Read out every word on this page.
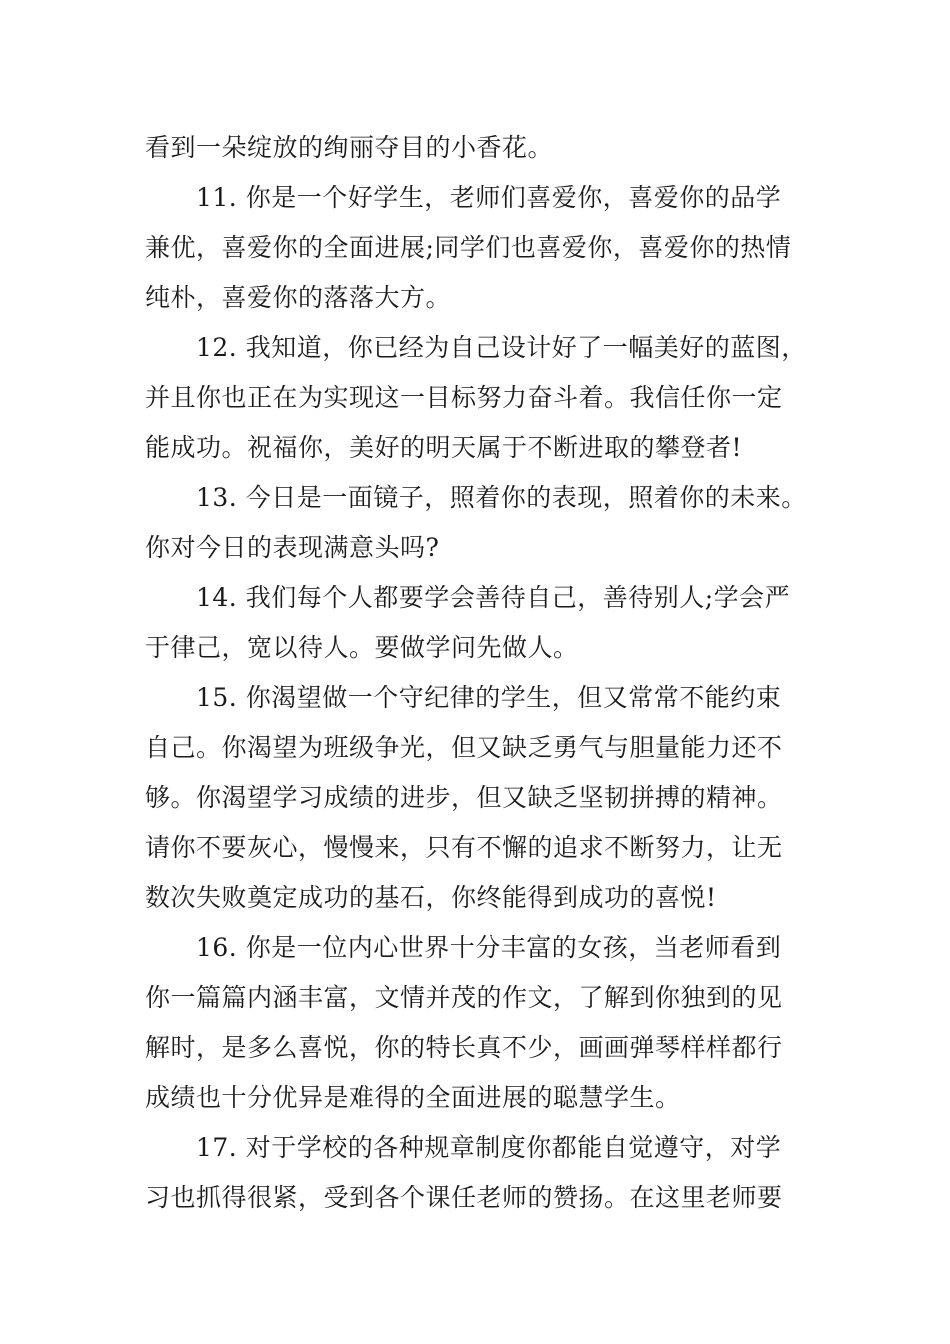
看到一朵绽放的绚丽夺目的小香花。
11. 你是一个好学生，老师们喜爱你，喜爱你的品学
兼优，喜爱你的全面进展;同学们也喜爱你，喜爱你的热情
纯朴，喜爱你的落落大方。
12. 我知道，你已经为自己设计好了一幅美好的蓝图，
并且你也正在为实现这一目标努力奋斗着。我信任你一定
能成功。祝福你，美好的明天属于不断进取的攀登者!
13. 今日是一面镜子，照着你的表现，照着你的未来。
你对今日的表现满意头吗?
14. 我们每个人都要学会善待自己，善待别人;学会严
于律己，宽以待人。要做学问先做人。
15. 你渴望做一个守纪律的学生，但又常常不能约束
自己。你渴望为班级争光，但又缺乏勇气与胆量能力还不
够。你渴望学习成绩的进步，但又缺乏坚韧拼搏的精神。
请你不要灰心，慢慢来，只有不懈的追求不断努力，让无
数次失败奠定成功的基石，你终能得到成功的喜悦!
16. 你是一位内心世界十分丰富的女孩，当老师看到
你一篇篇内涵丰富，文情并茂的作文，了解到你独到的见
解时，是多么喜悦，你的特长真不少，画画弹琴样样都行
成绩也十分优异是难得的全面进展的聪慧学生。
17. 对于学校的各种规章制度你都能自觉遵守，对学
习也抓得很紧，受到各个课任老师的赞扬。在这里老师要
